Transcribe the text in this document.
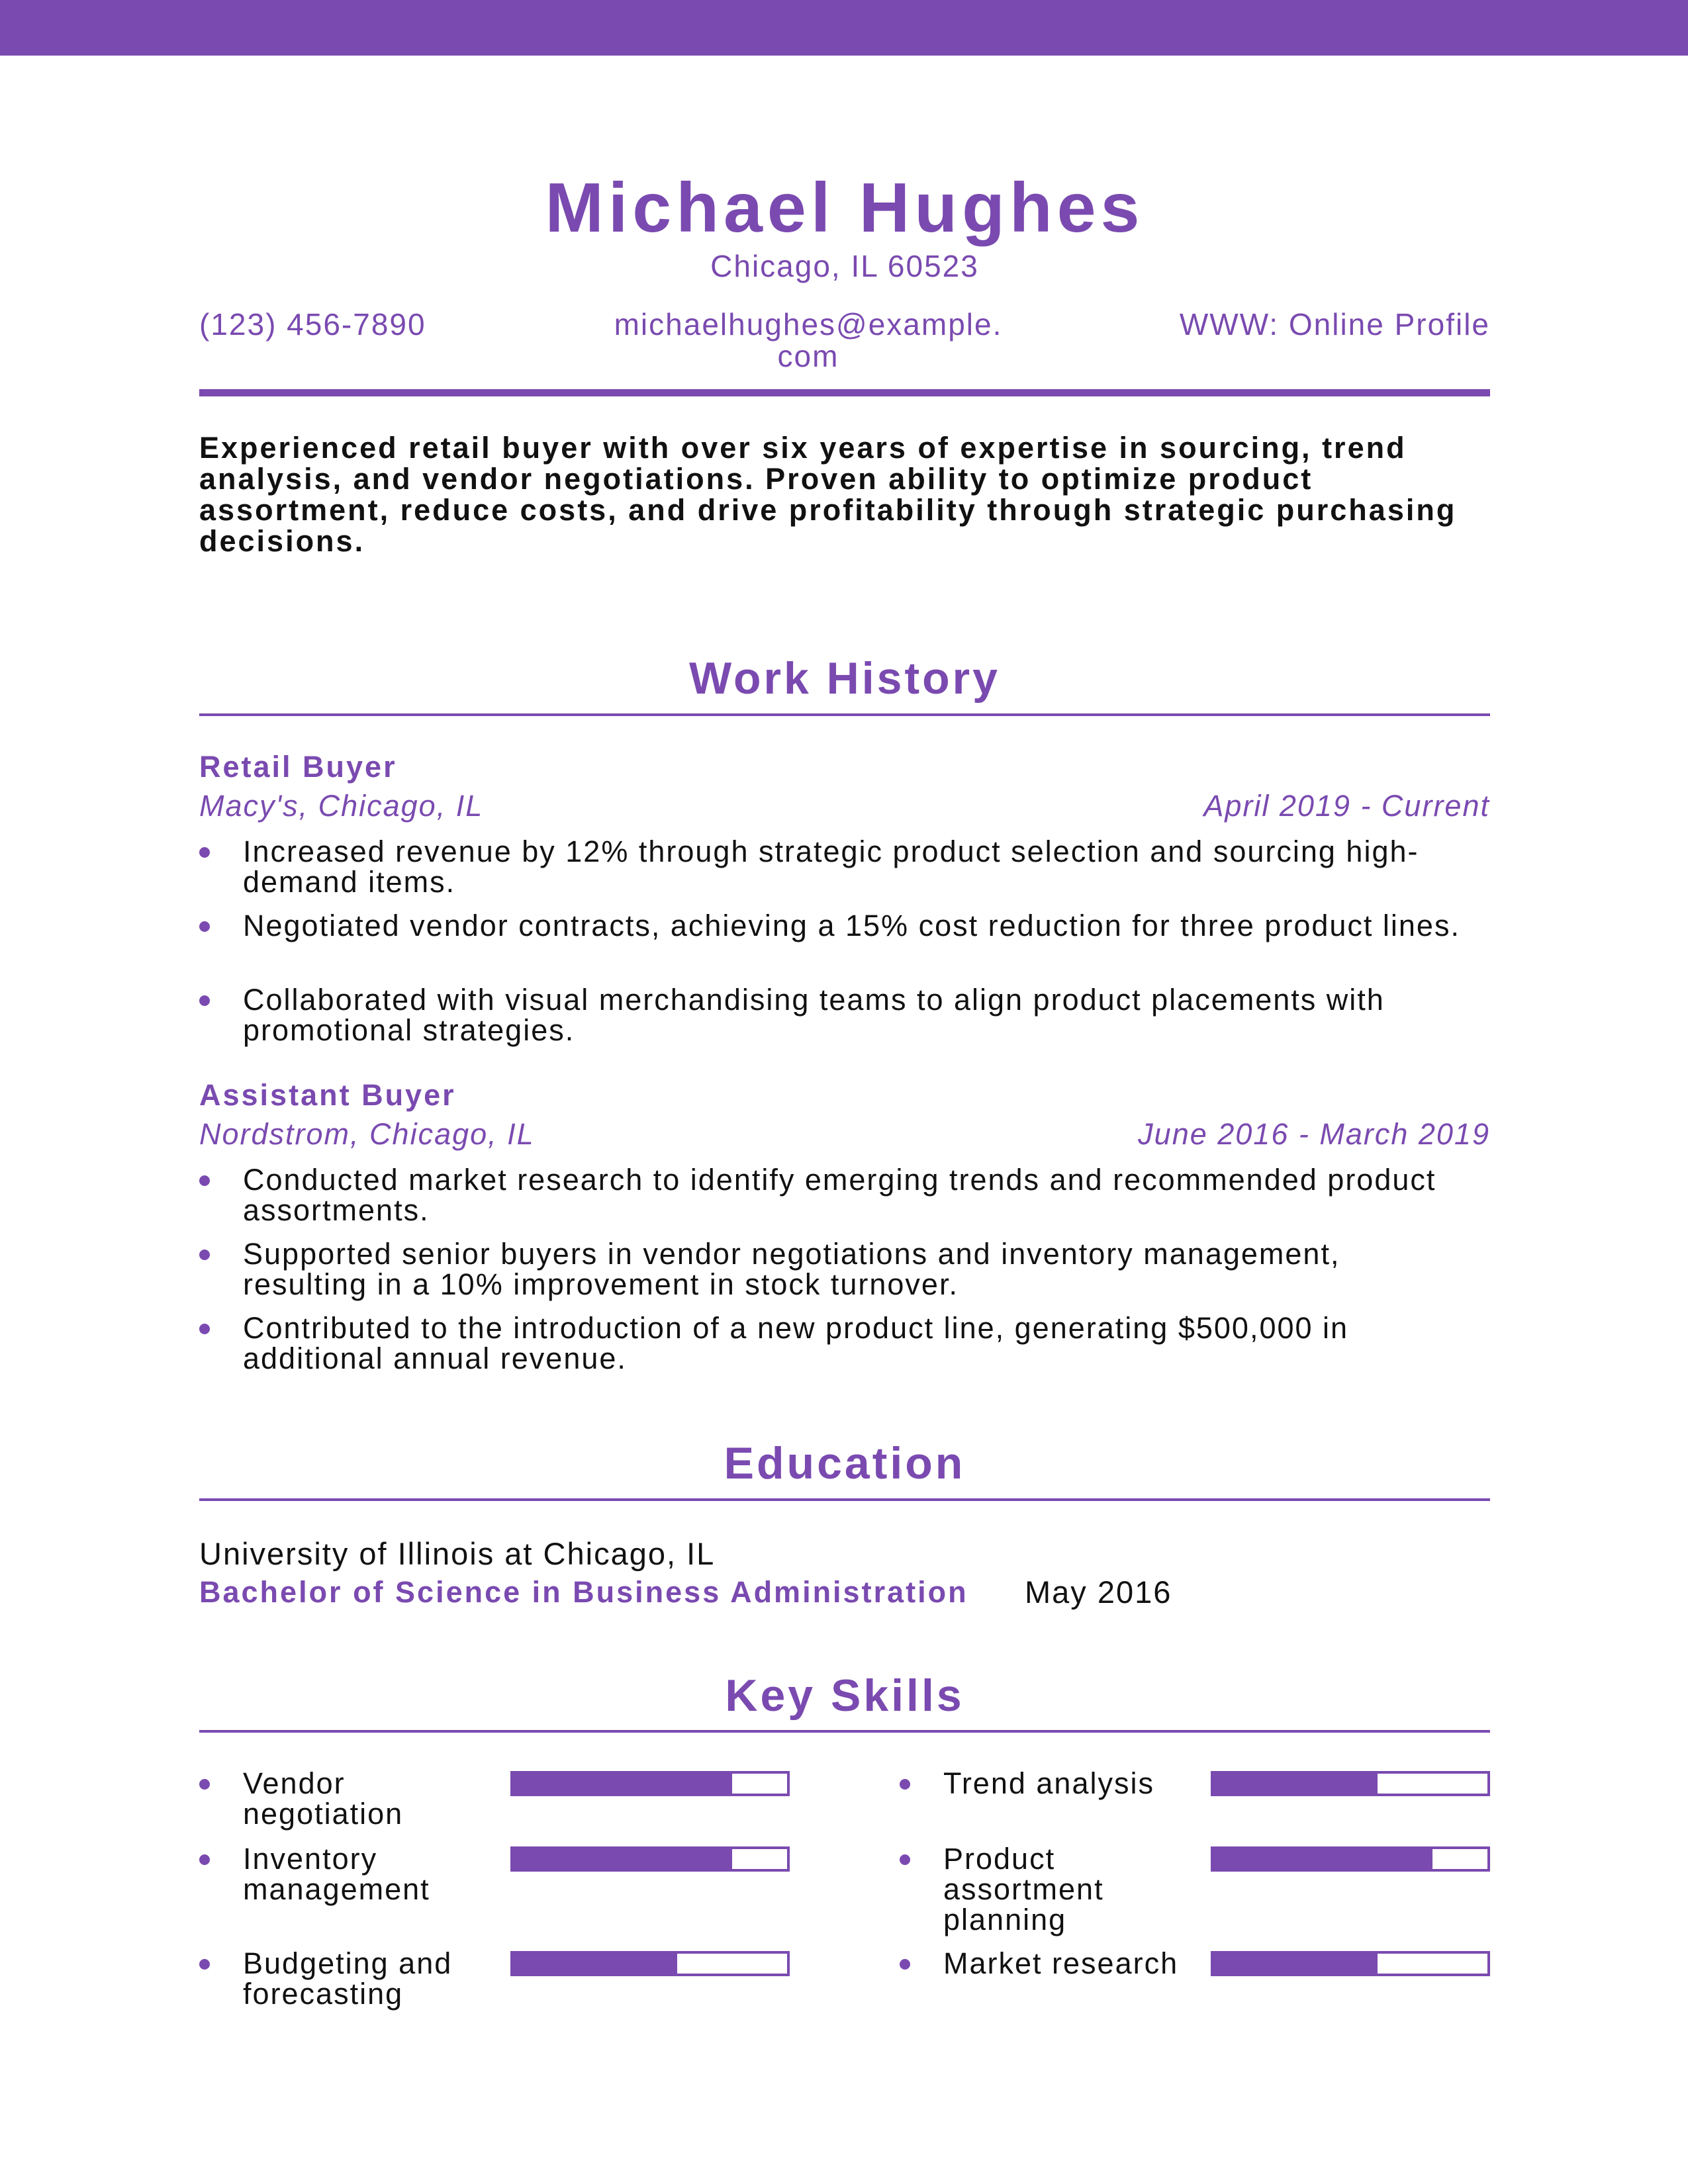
Michael Hughes
Chicago, IL 60523
(123) 456-7890	michaelhughes@example.
com
WWW: Online Profile
Experienced retail buyer with over six years of expertise in sourcing, trend analysis, and vendor negotiations. Proven ability to optimize product assortment, reduce costs, and drive profitability through strategic purchasing decisions.
Work History
Retail Buyer
Macy's, Chicago, IL	April 2019 - Current
Increased revenue by 12% through strategic product selection and sourcing high-demand items.
Negotiated vendor contracts, achieving a 15% cost reduction for three product lines.
Collaborated with visual merchandising teams to align product placements with promotional strategies.
Assistant Buyer
Nordstrom, Chicago, IL	June 2016 - March 2019
Conducted market research to identify emerging trends and recommended product assortments.
Supported senior buyers in vendor negotiations and inventory management, resulting in a 10% improvement in stock turnover.
Contributed to the introduction of a new product line, generating $500,000 in additional annual revenue.
Education
University of Illinois at Chicago, IL
Bachelor of Science in Business Administration May 2016
Key Skills
Vendor negotiation
Trend analysis
Inventory management
Product assortment planning
Budgeting and forecasting
Market research
